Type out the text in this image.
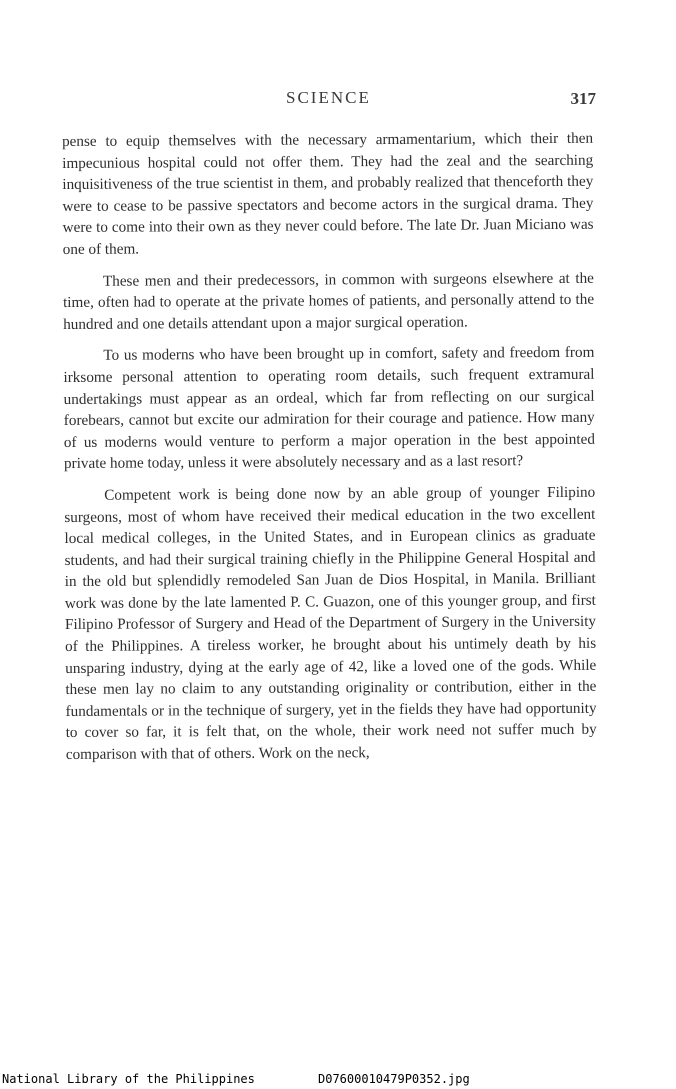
SCIENCE	317

pense to equip themselves with the necessary armamentarium, which their then impecunious hospital could not offer them. They had the zeal and the searching inquisitiveness of the true scientist in them, and probably realized that thenceforth they were to cease to be passive spectators and become actors in the surgical drama. They were to come into their own as they never could before. The late Dr. Juan Miciano was one of them.

These men and their predecessors, in common with surgeons elsewhere at the time, often had to operate at the private homes of patients, and personally attend to the hundred and one details attendant upon a major surgical operation.

To us moderns who have been brought up in comfort, safety and freedom from irksome personal attention to operating room details, such frequent extramural undertakings must appear as an ordeal, which far from reflecting on our surgical forebears, cannot but excite our admiration for their courage and patience. How many of us moderns would venture to perform a major operation in the best appointed private home today, unless it were absolutely necessary and as a last resort?

Competent work is being done now by an able group of younger Filipino surgeons, most of whom have received their medical education in the two excellent local medical colleges, in the United States, and in European clinics as graduate students, and had their surgical training chiefly in the Philippine General Hospital and in the old but splendidly remodeled San Juan de Dios Hospital, in Manila. Brilliant work was done by the late lamented P. C. Guazon, one of this younger group, and first Filipino Professor of Surgery and Head of the Department of Surgery in the University of the Philippines. A tireless worker, he brought about his untimely death by his unsparing industry, dying at the early age of 42, like a loved one of the gods. While these men lay no claim to any outstanding originality or contribution, either in the fundamentals or in the technique of surgery, yet in the fields they have had opportunity to cover so far, it is felt that, on the whole, their work need not suffer much by comparison with that of others. Work on the neck,

National Library of the Philippines	D07600010479P0352.jpg
